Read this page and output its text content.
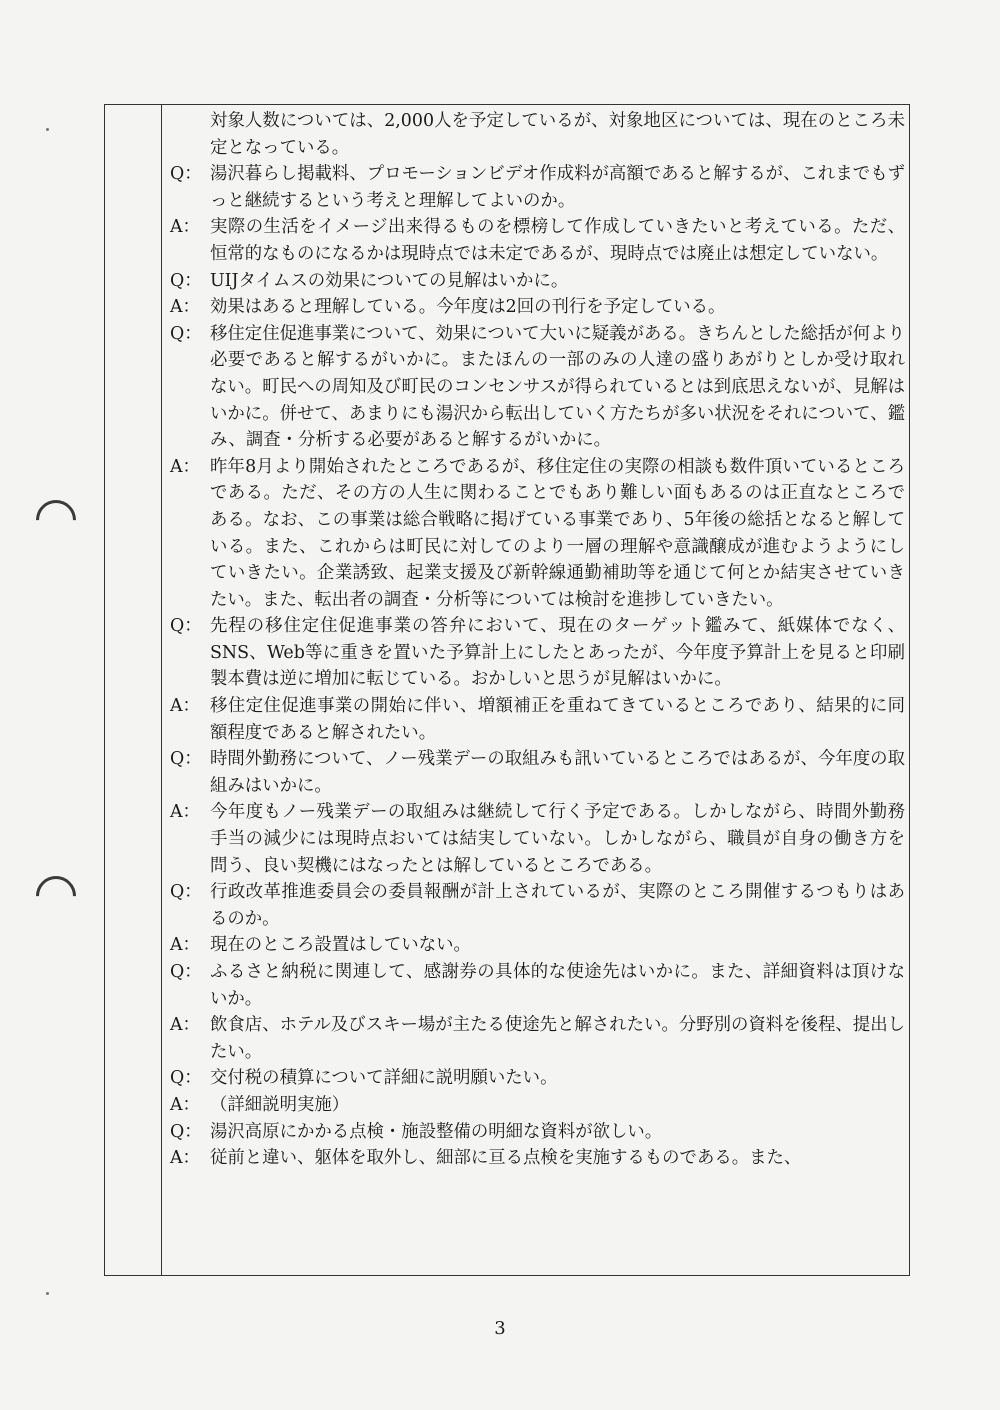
対象人数については、2,000人を予定しているが、対象地区については、現在のところ未定となっている。
Q： 湯沢暮らし掲載料、プロモーションビデオ作成料が高額であると解するが、これまでもずっと継続するという考えと理解してよいのか。
A： 実際の生活をイメージ出来得るものを標榜して作成していきたいと考えている。ただ、恒常的なものになるかは現時点では未定であるが、現時点では廃止は想定していない。
Q： UIJタイムスの効果についての見解はいかに。
A： 効果はあると理解している。今年度は2回の刊行を予定している。
Q： 移住定住促進事業について、効果について大いに疑義がある。きちんとした総括が何より必要であると解するがいかに。またほんの一部のみの人達の盛りあがりとしか受け取れない。町民への周知及び町民のコンセンサスが得られているとは到底思えないが、見解はいかに。併せて、あまりにも湯沢から転出していく方たちが多い状況をそれについて、鑑み、調査・分析する必要があると解するがいかに。
A： 昨年8月より開始されたところであるが、移住定住の実際の相談も数件頂いているところである。ただ、その方の人生に関わることでもあり難しい面もあるのは正直なところである。なお、この事業は総合戦略に掲げている事業であり、5年後の総括となると解している。また、これからは町民に対してのより一層の理解や意識醸成が進むようようにしていきたい。企業誘致、起業支援及び新幹線通勤補助等を通じて何とか結実させていきたい。また、転出者の調査・分析等については検討を進捗していきたい。
Q： 先程の移住定住促進事業の答弁において、現在のターゲット鑑みて、紙媒体でなく、SNS、Web等に重きを置いた予算計上にしたとあったが、今年度予算計上を見ると印刷製本費は逆に増加に転じている。おかしいと思うが見解はいかに。
A： 移住定住促進事業の開始に伴い、増額補正を重ねてきているところであり、結果的に同額程度であると解されたい。
Q： 時間外勤務について、ノー残業デーの取組みも訊いているところではあるが、今年度の取組みはいかに。
A： 今年度もノー残業デーの取組みは継続して行く予定である。しかしながら、時間外勤務手当の減少には現時点おいては結実していない。しかしながら、職員が自身の働き方を問う、良い契機にはなったとは解しているところである。
Q： 行政改革推進委員会の委員報酬が計上されているが、実際のところ開催するつもりはあるのか。
A： 現在のところ設置はしていない。
Q： ふるさと納税に関連して、感謝券の具体的な使途先はいかに。また、詳細資料は頂けないか。
A： 飲食店、ホテル及びスキー場が主たる使途先と解されたい。分野別の資料を後程、提出したい。
Q： 交付税の積算について詳細に説明願いたい。
A： （詳細説明実施）
Q： 湯沢高原にかかる点検・施設整備の明細な資料が欲しい。
A： 従前と違い、躯体を取外し、細部に亘る点検を実施するものである。また、
3
